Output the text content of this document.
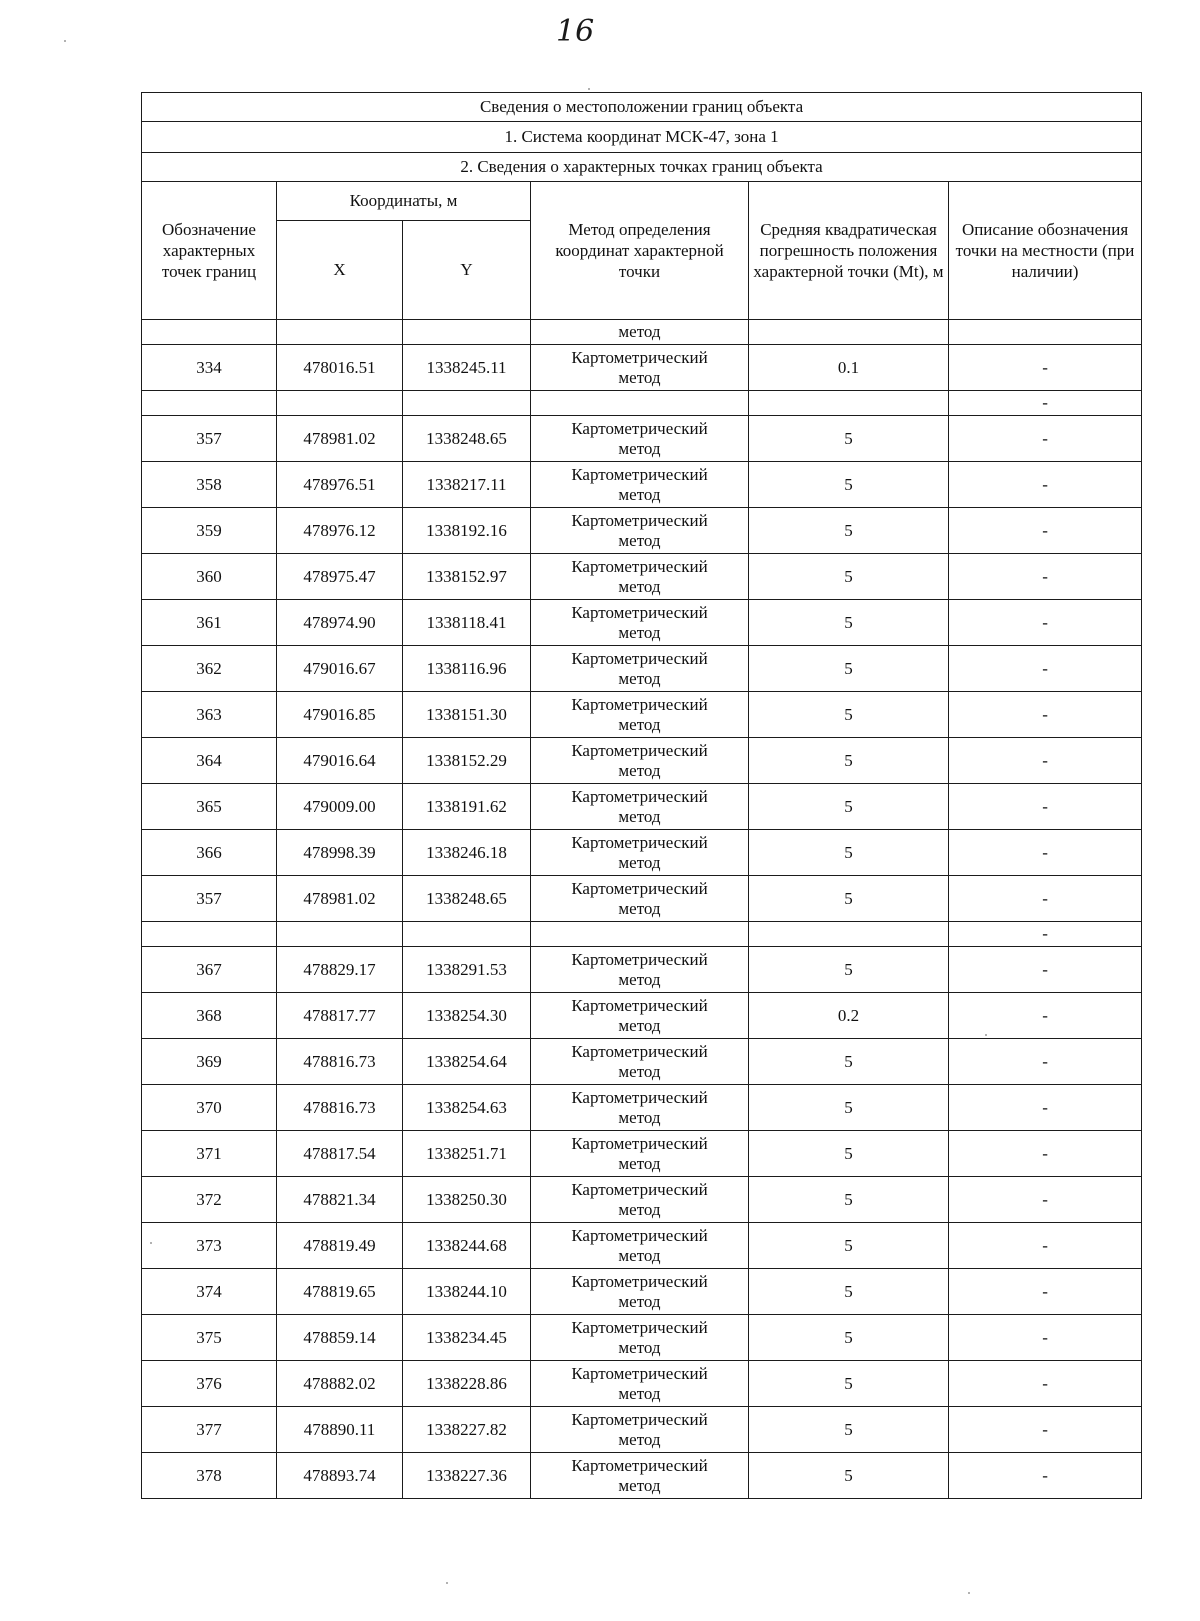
16
Сведения о местоположении границ объекта					
1. Система координат МСК-47, зона 1					
2. Сведения о характерных точках границ объекта					
Обозначение характерных точек границ	Координаты, м		Метод определения координат характерной точки	Средняя квадратическая погрешность положения характерной точки (Mt), м	Описание обозначения точки на местности (при наличии)
	X	Y			

			метод		

334	478016.51	1338245.11	Картометрический
метод	0.1	-

		-
357	478981.02	1338248.65	Картометрический
метод	5	-
358	478976.51	1338217.11	Картометрический
метод	5	-
359	478976.12	1338192.16	Картометрический
метод	5	-
360	478975.47	1338152.97	Картометрический
метод	5	-
361	478974.90	1338118.41	Картометрический
метод	5	-
362	479016.67	1338116.96	Картометрический
метод	5	-
363	479016.85	1338151.30	Картометрический
метод	5	-
364	479016.64	1338152.29	Картометрический
метод	5	-
365	479009.00	1338191.62	Картометрический
метод	5	-
366	478998.39	1338246.18	Картометрический
метод	5	-
357	478981.02	1338248.65	Картометрический
метод	5	-

		-
367	478829.17	1338291.53	Картометрический
метод	5	-
368	478817.77	1338254.30	Картометрический
метод	0.2	-
369	478816.73	1338254.64	Картометрический
метод	5	-
370	478816.73	1338254.63	Картометрический
метод	5	-
371	478817.54	1338251.71	Картометрический
метод	5	-
372	478821.34	1338250.30	Картометрический
метод	5	-
373	478819.49	1338244.68	Картометрический
метод	5	-
374	478819.65	1338244.10	Картометрический
метод	5	-
375	478859.14	1338234.45	Картометрический
метод	5	-
376	478882.02	1338228.86	Картометрический
метод	5	-
377	478890.11	1338227.82	Картометрический
метод	5	-
378	478893.74	1338227.36	Картометрический
метод	5	-
